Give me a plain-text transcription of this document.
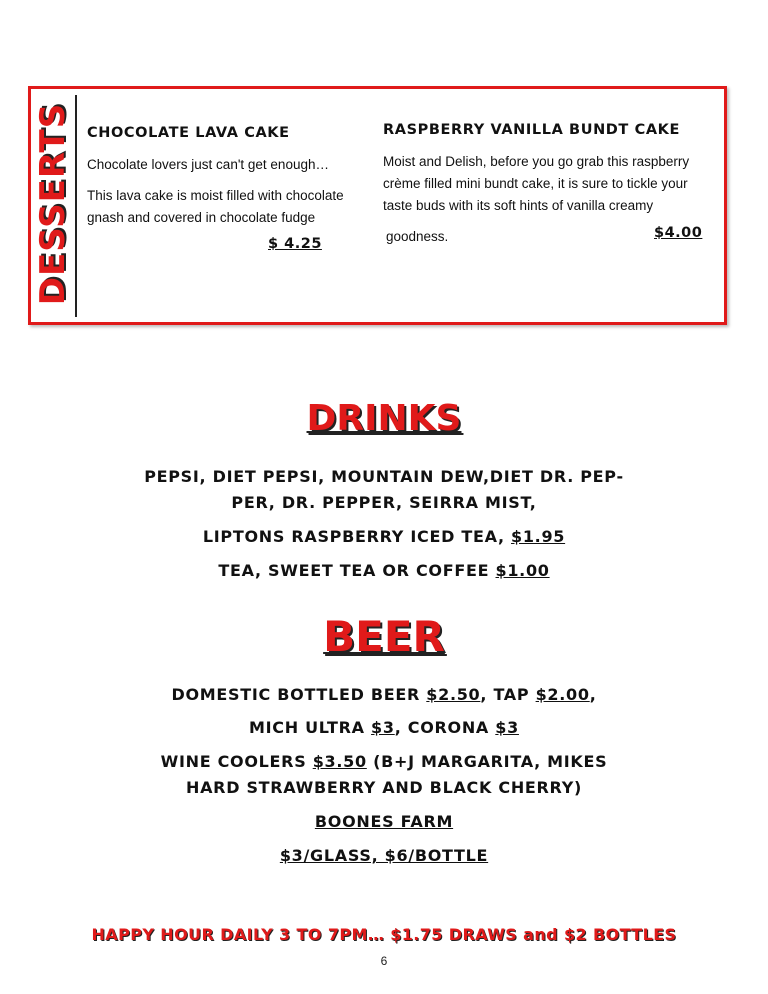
DESSERTS CHOCOLATE LAVA CAKE
Chocolate lovers just can't get enough…
This lava cake is moist filled with chocolate
gnash and covered in chocolate fudge
$ 4.25
RASPBERRY VANILLA BUNDT CAKE
Moist and Delish, before you go grab this raspberry
crème filled mini bundt cake, it is sure to tickle your
taste buds with its soft hints of vanilla creamy
goodness.	$4.00
DRINKS
PEPSI, DIET PEPSI, MOUNTAIN DEW,DIET DR. PEP-
PER, DR. PEPPER, SEIRRA MIST,
LIPTONS RASPBERRY ICED TEA, $1.95
TEA, SWEET TEA OR COFFEE $1.00
BEER
DOMESTIC BOTTLED BEER $2.50, TAP $2.00,
MICH ULTRA $3, CORONA $3
WINE COOLERS $3.50 (B+J MARGARITA, MIKES
HARD STRAWBERRY AND BLACK CHERRY)
BOONES FARM
$3/GLASS, $6/BOTTLE
HAPPY HOUR DAILY 3 TO 7PM… $1.75 DRAWS and $2 BOTTLES
6
